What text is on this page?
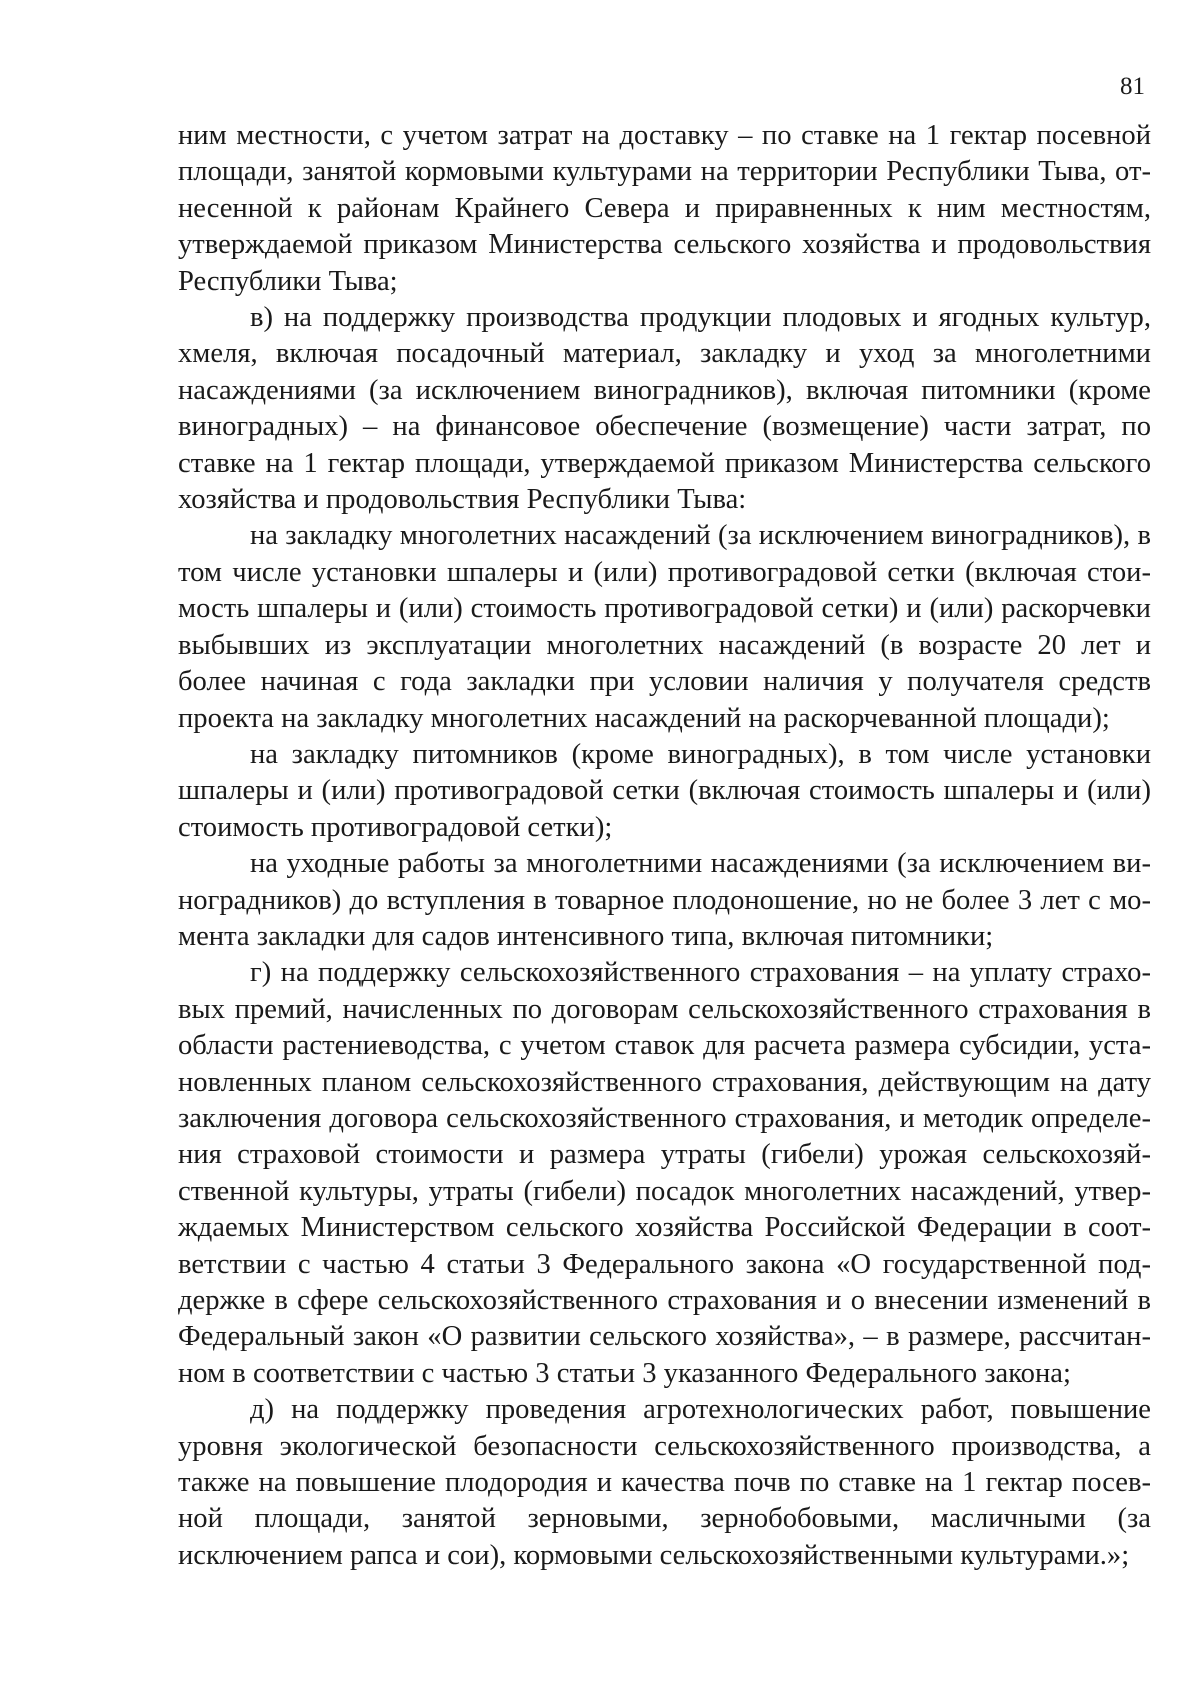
81

ним местности, с учетом затрат на доставку – по ставке на 1 гектар посевной площади, занятой кормовыми культурами на территории Республики Тыва, отнесенной к районам Крайнего Севера и приравненных к ним местностям, утверждаемой приказом Министерства сельского хозяйства и продовольствия Республики Тыва;

в) на поддержку производства продукции плодовых и ягодных культур, хмеля, включая посадочный материал, закладку и уход за многолетними насаждениями (за исключением виноградников), включая питомники (кроме виноградных) – на финансовое обеспечение (возмещение) части затрат, по ставке на 1 гектар площади, утверждаемой приказом Министерства сельского хозяйства и продовольствия Республики Тыва:

на закладку многолетних насаждений (за исключением виноградников), в том числе установки шпалеры и (или) противоградовой сетки (включая стоимость шпалеры и (или) стоимость противоградовой сетки) и (или) раскорчевки выбывших из эксплуатации многолетних насаждений (в возрасте 20 лет и более начиная с года закладки при условии наличия у получателя средств проекта на закладку многолетних насаждений на раскорчеванной площади);

на закладку питомников (кроме виноградных), в том числе установки шпалеры и (или) противоградовой сетки (включая стоимость шпалеры и (или) стоимость противоградовой сетки);

на уходные работы за многолетними насаждениями (за исключением виноградников) до вступления в товарное плодоношение, но не более 3 лет с момента закладки для садов интенсивного типа, включая питомники;

г) на поддержку сельскохозяйственного страхования – на уплату страховых премий, начисленных по договорам сельскохозяйственного страхования в области растениеводства, с учетом ставок для расчета размера субсидии, установленных планом сельскохозяйственного страхования, действующим на дату заключения договора сельскохозяйственного страхования, и методик определения страховой стоимости и размера утраты (гибели) урожая сельскохозяйственной культуры, утраты (гибели) посадок многолетних насаждений, утверждаемых Министерством сельского хозяйства Российской Федерации в соответствии с частью 4 статьи 3 Федерального закона «О государственной поддержке в сфере сельскохозяйственного страхования и о внесении изменений в Федеральный закон «О развитии сельского хозяйства», – в размере, рассчитанном в соответствии с частью 3 статьи 3 указанного Федерального закона;

д) на поддержку проведения агротехнологических работ, повышение уровня экологической безопасности сельскохозяйственного производства, а также на повышение плодородия и качества почв по ставке на 1 гектар посевной площади, занятой зерновыми, зернобобовыми, масличными (за исключением рапса и сои), кормовыми сельскохозяйственными культурами.»;
